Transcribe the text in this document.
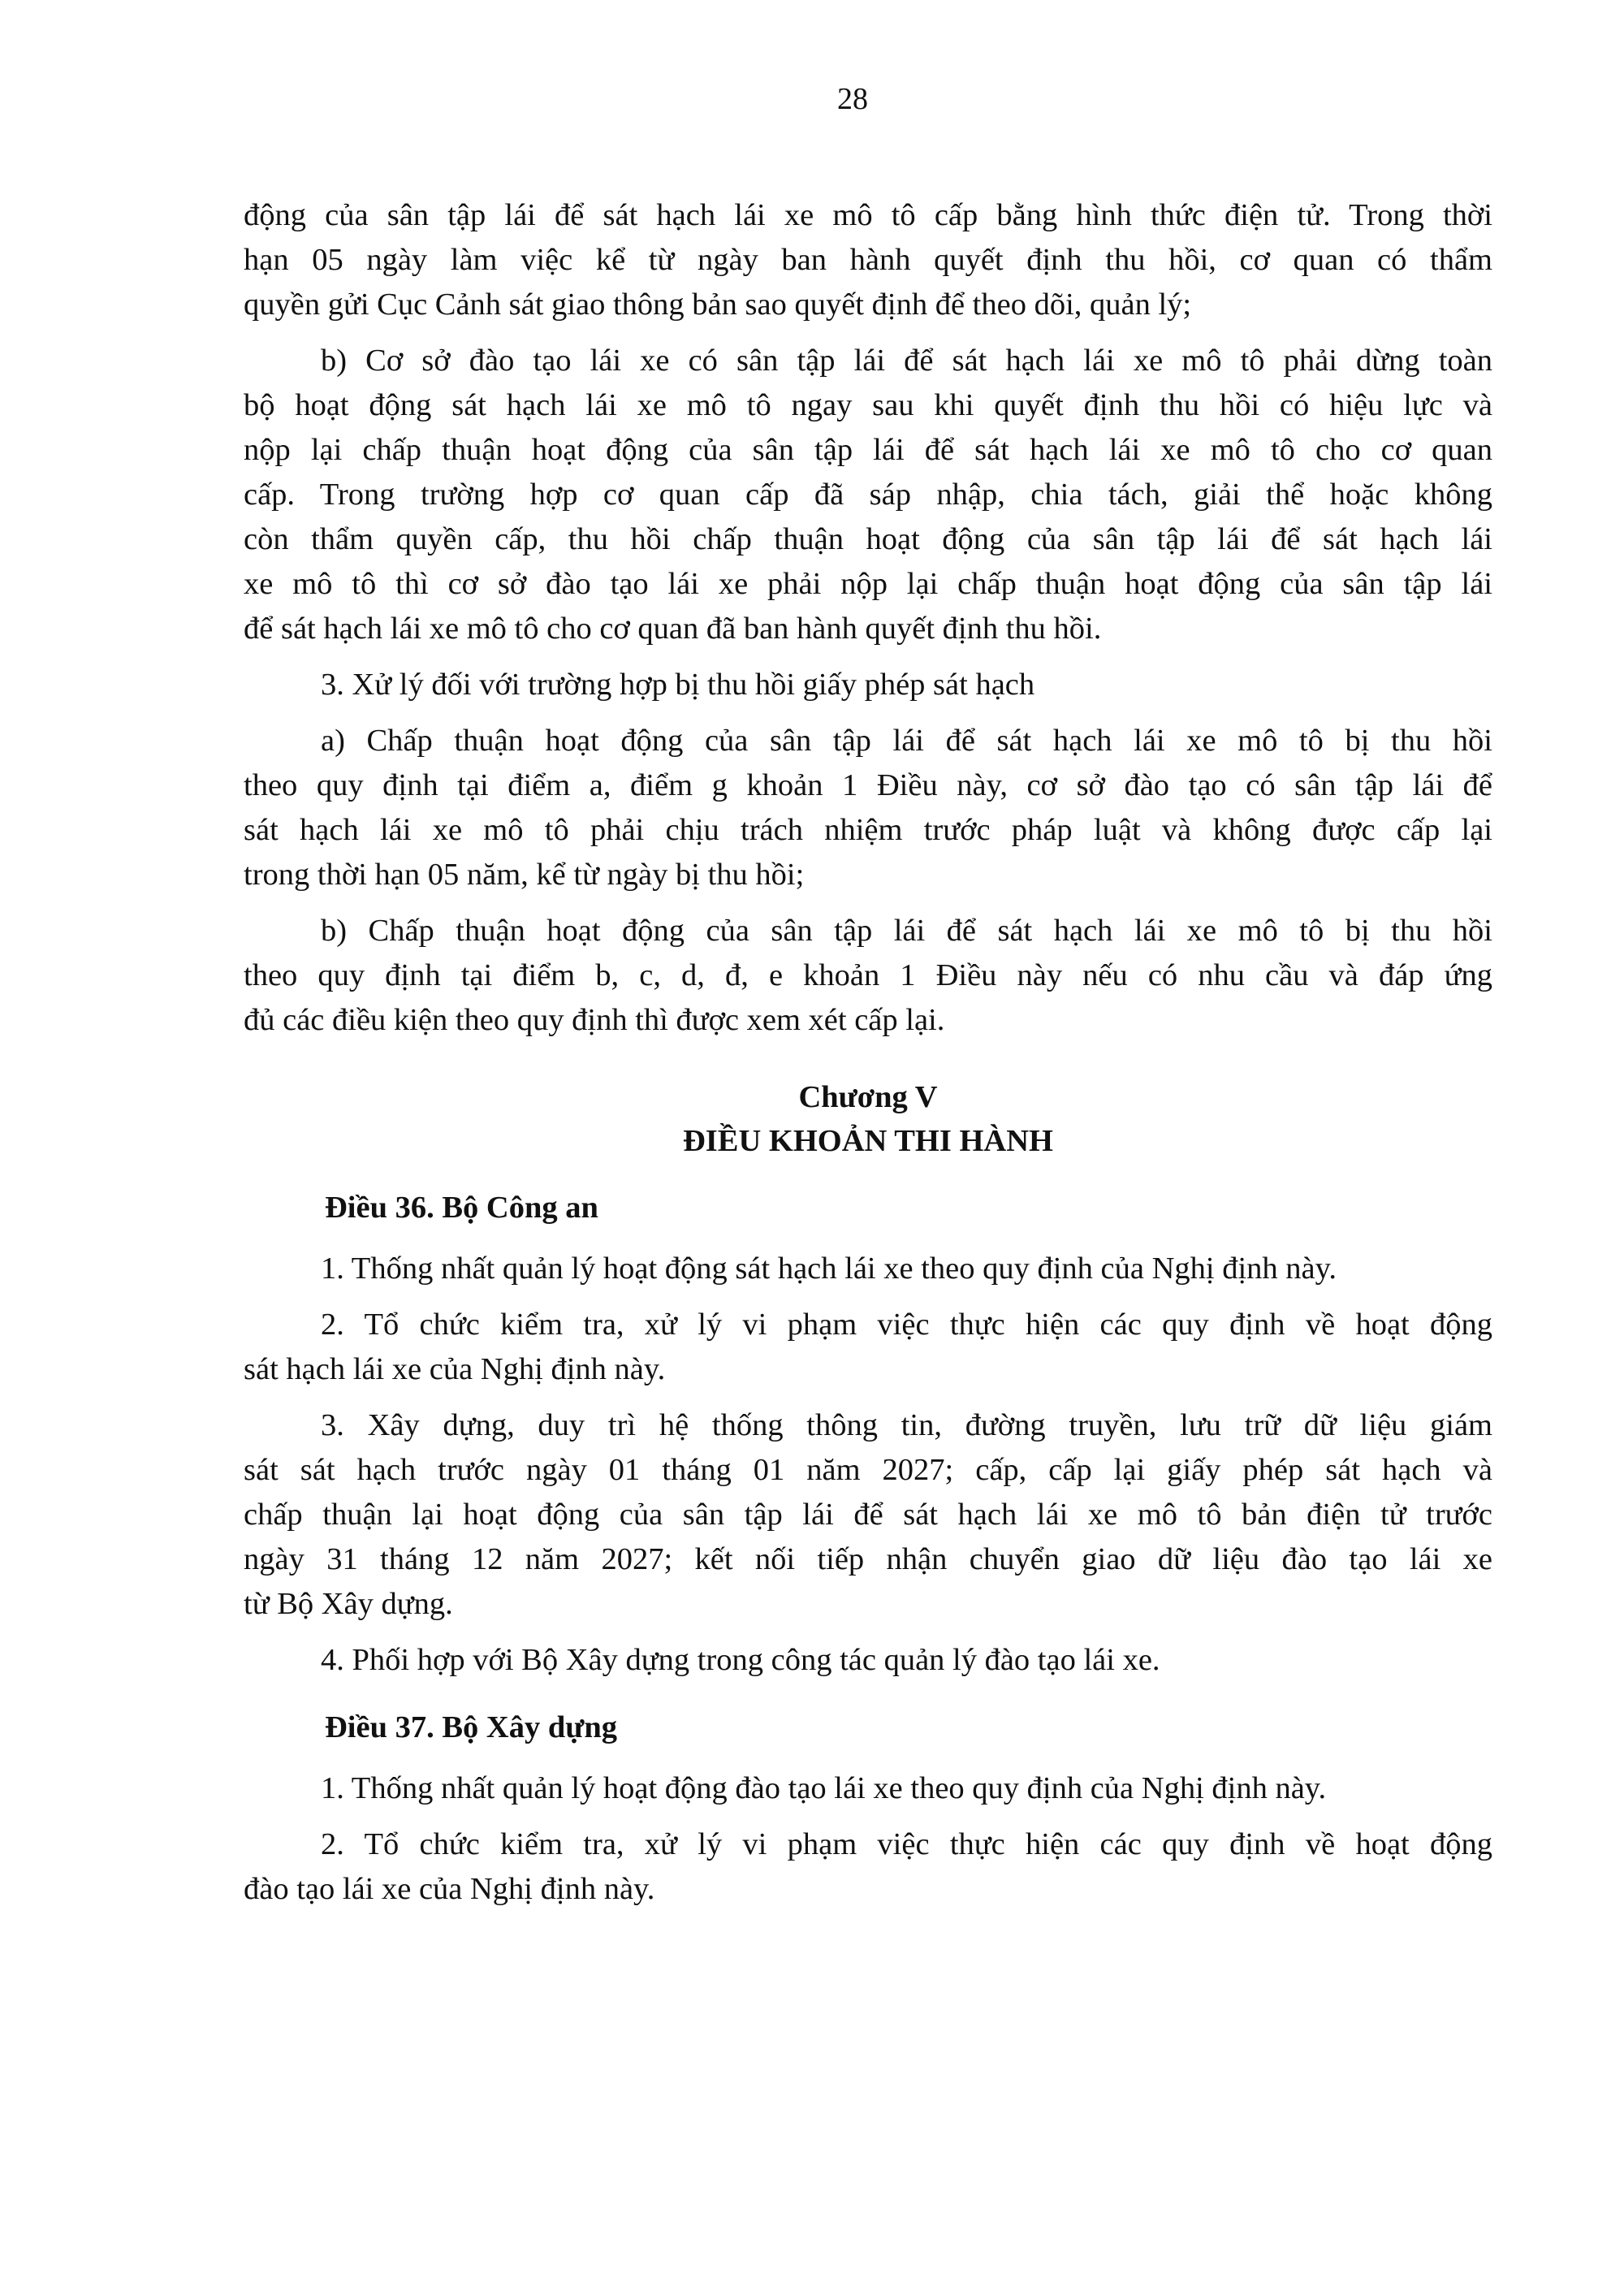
28
động của sân tập lái để sát hạch lái xe mô tô cấp bằng hình thức điện tử. Trong thời
hạn 05 ngày làm việc kể từ ngày ban hành quyết định thu hồi, cơ quan có thẩm
quyền gửi Cục Cảnh sát giao thông bản sao quyết định để theo dõi, quản lý;
b) Cơ sở đào tạo lái xe có sân tập lái để sát hạch lái xe mô tô phải dừng toàn
bộ hoạt động sát hạch lái xe mô tô ngay sau khi quyết định thu hồi có hiệu lực và
nộp lại chấp thuận hoạt động của sân tập lái để sát hạch lái xe mô tô cho cơ quan
cấp. Trong trường hợp cơ quan cấp đã sáp nhập, chia tách, giải thể hoặc không
còn thẩm quyền cấp, thu hồi chấp thuận hoạt động của sân tập lái để sát hạch lái
xe mô tô thì cơ sở đào tạo lái xe phải nộp lại chấp thuận hoạt động của sân tập lái
để sát hạch lái xe mô tô cho cơ quan đã ban hành quyết định thu hồi.
3. Xử lý đối với trường hợp bị thu hồi giấy phép sát hạch
a) Chấp thuận hoạt động của sân tập lái để sát hạch lái xe mô tô bị thu hồi
theo quy định tại điểm a, điểm g khoản 1 Điều này, cơ sở đào tạo có sân tập lái để
sát hạch lái xe mô tô phải chịu trách nhiệm trước pháp luật và không được cấp lại
trong thời hạn 05 năm, kể từ ngày bị thu hồi;
b) Chấp thuận hoạt động của sân tập lái để sát hạch lái xe mô tô bị thu hồi
theo quy định tại điểm b, c, d, đ, e khoản 1 Điều này nếu có nhu cầu và đáp ứng
đủ các điều kiện theo quy định thì được xem xét cấp lại.
Chương V
ĐIỀU KHOẢN THI HÀNH
Điều 36. Bộ Công an
1. Thống nhất quản lý hoạt động sát hạch lái xe theo quy định của Nghị định này.
2. Tổ chức kiểm tra, xử lý vi phạm việc thực hiện các quy định về hoạt động
sát hạch lái xe của Nghị định này.
3. Xây dựng, duy trì hệ thống thông tin, đường truyền, lưu trữ dữ liệu giám
sát sát hạch trước ngày 01 tháng 01 năm 2027; cấp, cấp lại giấy phép sát hạch và
chấp thuận lại hoạt động của sân tập lái để sát hạch lái xe mô tô bản điện tử trước
ngày 31 tháng 12 năm 2027; kết nối tiếp nhận chuyển giao dữ liệu đào tạo lái xe
từ Bộ Xây dựng.
4. Phối hợp với Bộ Xây dựng trong công tác quản lý đào tạo lái xe.
Điều 37. Bộ Xây dựng
1. Thống nhất quản lý hoạt động đào tạo lái xe theo quy định của Nghị định này.
2. Tổ chức kiểm tra, xử lý vi phạm việc thực hiện các quy định về hoạt động
đào tạo lái xe của Nghị định này.
